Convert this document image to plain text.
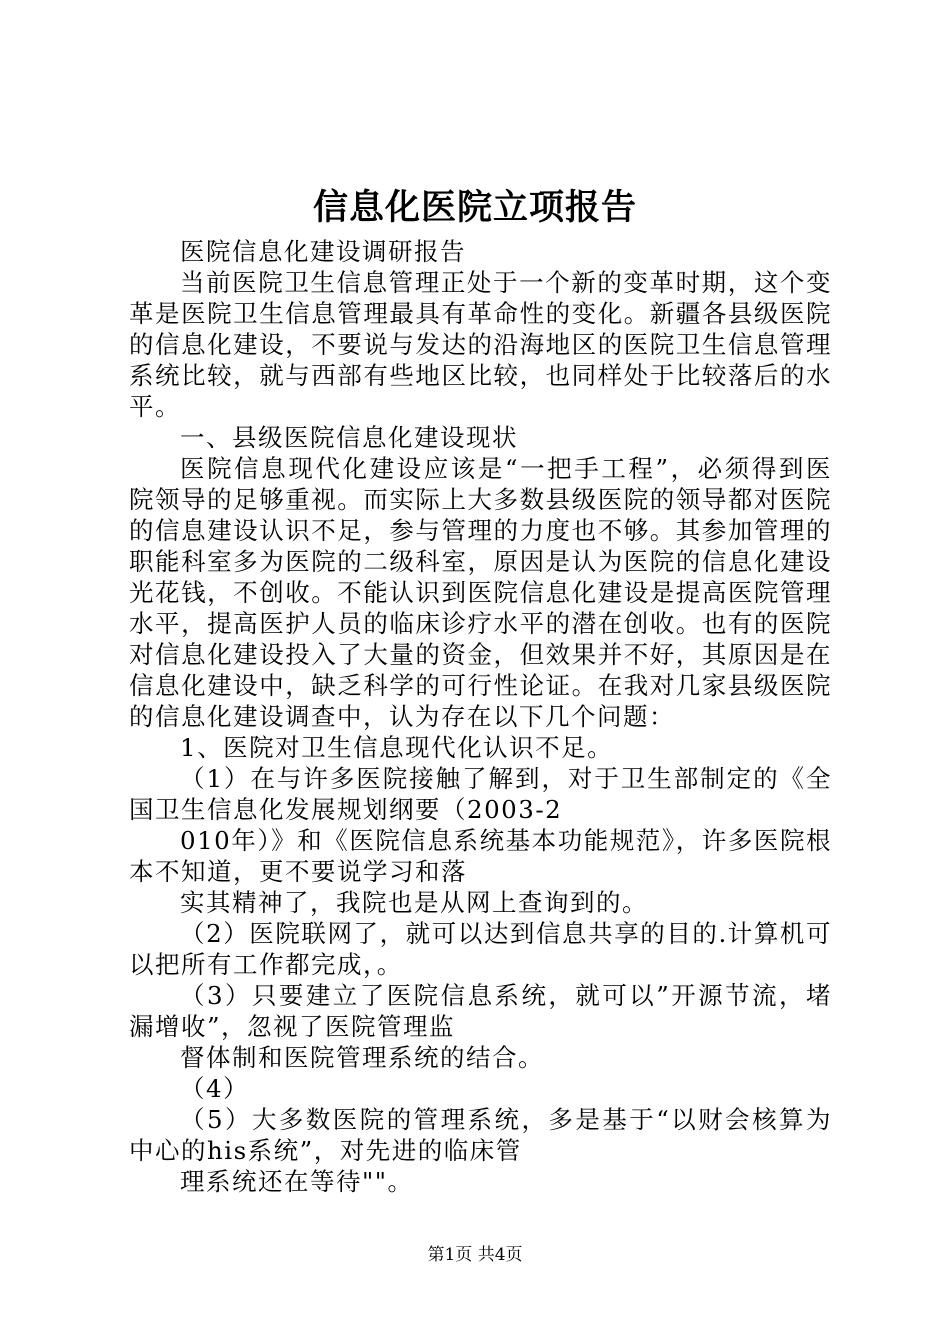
信息化医院立项报告

医院信息化建设调研报告

当前医院卫生信息管理正处于一个新的变革时期，这个变革是医院卫生信息管理最具有革命性的变化。新疆各县级医院的信息化建设，不要说与发达的沿海地区的医院卫生信息管理系统比较，就与西部有些地区比较，也同样处于比较落后的水平。

一、县级医院信息化建设现状

医院信息现代化建设应该是“一把手工程”，必须得到医院领导的足够重视。而实际上大多数县级医院的领导都对医院的信息建设认识不足，参与管理的力度也不够。其参加管理的职能科室多为医院的二级科室，原因是认为医院的信息化建设光花钱，不创收。不能认识到医院信息化建设是提高医院管理水平，提高医护人员的临床诊疗水平的潜在创收。也有的医院对信息化建设投入了大量的资金，但效果并不好，其原因是在信息化建设中，缺乏科学的可行性论证。在我对几家县级医院的信息化建设调查中，认为存在以下几个问题：

1、医院对卫生信息现代化认识不足。

（1）在与许多医院接触了解到，对于卫生部制定的《全国卫生信息化发展规划纲要（2003-2

010年）》和《医院信息系统基本功能规范》，许多医院根本不知道，更不要说学习和落

实其精神了，我院也是从网上查询到的。

（2）医院联网了，就可以达到信息共享的目的.计算机可以把所有工作都完成，。

（3）只要建立了医院信息系统，就可以”开源节流，堵漏增收”，忽视了医院管理监

督体制和医院管理系统的结合。

（4）

（5）大多数医院的管理系统，多是基于“以财会核算为中心的his系统”，对先进的临床管

理系统还在等待""。

第1页 共4页
